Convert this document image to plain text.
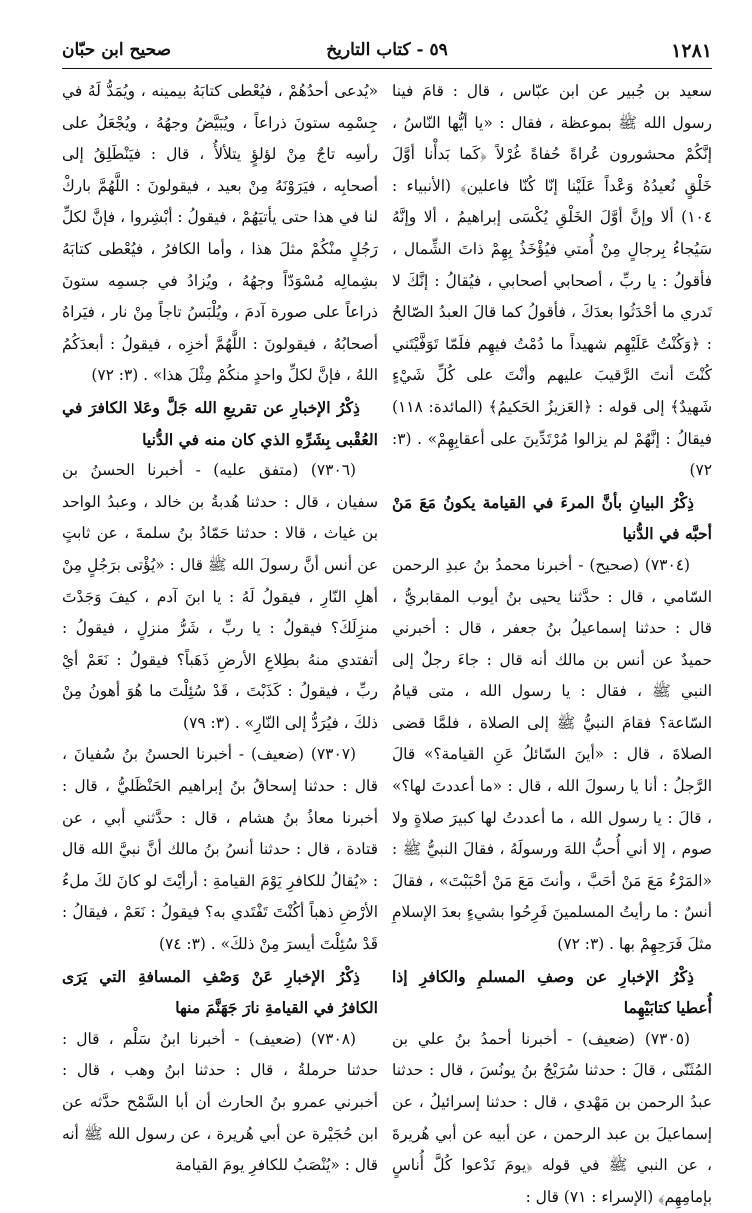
١٢٨١
٥٩ - كتاب التاريخ
صحيح ابن حبّان

سعيد بن جُبير عن ابن عبّاس ، قال : قامَ فينا رسول الله ﷺ بموعظة ، فقال : «يا أيُّها النّاسُ ، إنَّكُمْ محشورون عُراةً حُفاةً غُرْلاً ﴿كَما بَدأْنا أوَّلَ خَلْقٍ نُعيدُهُ وَعْداً عَلَيْنا إنّا كُنّا فاعلين﴾ (الأنبياء : ١٠٤) ألا وإنَّ أوَّلَ الخَلْقِ يُكْسَى إبراهيمُ ، ألا وإنَّهُ سَيُجاءُ بِرجالٍ مِنْ أُمتي فيُؤْخَذُ بِهِمْ ذاتَ الشِّمال ، فأقولُ : يا ربِّ ، أصحابي أصحابي ، فيُقالُ : إنَّكَ لا تَدري ما أحْدَثُوا بعدَكَ ، فأقولُ كما قالَ العبدُ الصّالحُ : ﴿وَكُنْتُ عَلَيْهِم شهيداً ما دُمْتُ فيهِم فلَمّا تَوَفَّيْتَني كُنْتَ أنتَ الرَّقيبَ عليهم وأنْتَ على كُلِّ شَيْءٍ شَهيدٌ﴾ إلى قوله : ﴿العَزيزُ الحَكيمُ﴾ (المائدة: ١١٨) فيقالُ : إنَّهُمْ لم يزالوا مُرْتَدِّينَ على أعقابِهِمْ» . (٣: ٧٢)

ذِكْرُ البيانِ بأنَّ المرءَ في القيامة يكونُ مَعَ مَنْ أحبَّه في الدُّنيا

(٧٣٠٤) (صحيح) - أخبرنا محمدُ بنُ عبدِ الرحمن السّامي ، قال : حدَّثنا يحيى بنُ أيوب المقابريُّ ، قال : حدثنا إسماعيلُ بنُ جعفر ، قال : أخبرني حميدٌ عن أنس بن مالك أنه قال : جاءَ رجلٌ إلى النبي ﷺ ، فقال : يا رسول الله ، متى قيامُ السّاعة؟ فقامَ النبيُّ ﷺ إلى الصلاة ، فلمَّا قضى الصلاةَ ، قال : «أينَ السّائلُ عَنِ القيامة؟» قالَ الرَّجلُ : أنا يا رسولَ الله ، قال : «ما أعددتَ لها؟» ، قالَ : يا رسول الله ، ما أعددتُ لها كبيرَ صلاةٍ ولا صوم ، إلا أني أُحبُّ اللهَ ورسولَهُ ، فقالَ النبيُّ ﷺ : «المَرْءُ مَعَ مَنْ أحَبَّ ، وأنتَ مَعَ مَنْ أحْبَبْتَ» ، فقالَ أنسٌ : ما رأيتُ المسلمينَ فَرِحُوا بشيءٍ بعدَ الإسلامِ مثلَ فَرَحِهِمْ بها . (٣: ٧٢)

ذِكْرُ الإخبارِ عن وصفِ المسلمِ والكافرِ إذا أُعطيا كتابَيْهِما

(٧٣٠٥) (ضعيف) - أخبرنا أحمدُ بنُ علي بن المُثَنّى ، قالَ : حدثنا سُرَيْجُ بنُ يونُسَ ، قال : حدثنا عبدُ الرحمن بن مَهْدي ، قال : حدثنا إسرائيلُ ، عن إسماعيلَ بن عبد الرحمن ، عن أبيه عن أبي هُريرةَ ، عن النبي ﷺ في قوله ﴿يومَ نَدْعوا كُلَّ أُناسٍ بإمامِهِم﴾ (الإسراء : ٧١) قال :

«يُدعى أحدُهُمْ ، فيُعْطى كتابَهُ بيمينه ، ويُمَدُّ لَهُ في جِسْمِه ستونَ ذراعاً ، ويُبَيَّضُ وجهُهُ ، ويُجْعَلُ على رأسِه تاجٌ مِنْ لؤلؤٍ يتلألأُ ، قال : فيَنْطَلِقُ إلى أصحابِه ، فيَرَوْنَهُ مِنْ بعيد ، فيقولونَ : اللَّهُمَّ باركْ لنا في هذا حتى يأتيَهُمْ ، فيقولُ : أبْشِروا ، فإنَّ لكلِّ رَجُلٍ منْكُمْ مثلَ هذا ، وأما الكافرُ ، فيُعْطى كتابَهُ بشِمالِه مُسْوَدّاً وجهُهُ ، ويُزادُ في جسمِه ستونَ ذراعاً على صورة آدمَ ، ويُلْبَسُ تاجاً مِنْ نار ، فيَراهُ أصحابُهُ ، فيقولونَ : اللَّهُمَّ أخزِه ، فيقولُ : أبعدَكُمُ اللهُ ، فإنَّ لكلِّ واحدٍ منكُمْ مِثْلَ هذا» . (٣: ٧٢)

ذِكْرُ الإخبارِ عن تقريعِ الله جَلَّ وعَلا الكافرَ في العُقْبى بِشَرِّهِ الذي كان منه في الدُّنيا

(٧٣٠٦) (متفق عليه) - أخبرنا الحسنُ بن سفيان ، قال : حدثنا هُدبةُ بن خالد ، وعبدُ الواحد بن غياث ، قالا : حدثنا حَمّادُ بنُ سلمةَ ، عن ثابتٍ عن أنس أنَّ رسولَ الله ﷺ قال : «يُؤْتى برَجُلٍ مِنْ أهلِ النّارِ ، فيقولُ لَهُ : يا ابنَ آدم ، كيفَ وَجَدْتَ منزِلَكَ؟ فيقولُ : يا ربِّ ، شَرُّ منزلٍ ، فيقولُ : أتفتدي منهُ بطِلاعِ الأرضِ ذَهَباً؟ فيقولُ : نَعَمْ أيْ ربِّ ، فيقولُ : كَذَبْتَ ، قَدْ سُئِلْتَ ما هُوَ أهونُ مِنْ ذلكَ ، فيُرَدُّ إلى النّارِ» . (٣: ٧٩)

(٧٣٠٧) (ضعيف) - أخبرنا الحسنُ بنُ سُفيانَ ، قال : حدثنا إسحاقُ بنُ إبراهيم الحَنْظَليُّ ، قال : أخبرنا معاذُ بنُ هشام ، قال : حدَّثني أبي ، عن قتادة ، قال : حدثنا أنسُ بنُ مالك أنَّ نبيَّ الله قال : «يُقالُ للكافرِ يَوْمَ القيامةِ : أرأيْتَ لو كانَ لكَ ملءُ الأرْضِ ذهباً أكُنْتَ تَفْتَدي به؟ فيقولُ : نَعَمْ ، فيقالُ : قَدْ سُئِلْتَ أيسرَ مِنْ ذلكَ» . (٣: ٧٤)

ذِكْرُ الإخبارِ عَنْ وَصْفِ المسافةِ التي يَرَى الكافرُ في القيامةِ نارَ جَهَنَّمَ منها

(٧٣٠٨) (ضعيف) - أخبرنا ابنُ سَلْم ، قال : حدثنا حرملةُ ، قال : حدثنا ابنُ وهب ، قال : أخبرني عمرو بنُ الحارث أن أبا السَّمْح حدَّثه عن ابن حُجَيْرة عن أبي هُريرة ، عن رسول الله ﷺ أنه قال : «يُنْصَبُ للكافرِ يومَ القيامة
